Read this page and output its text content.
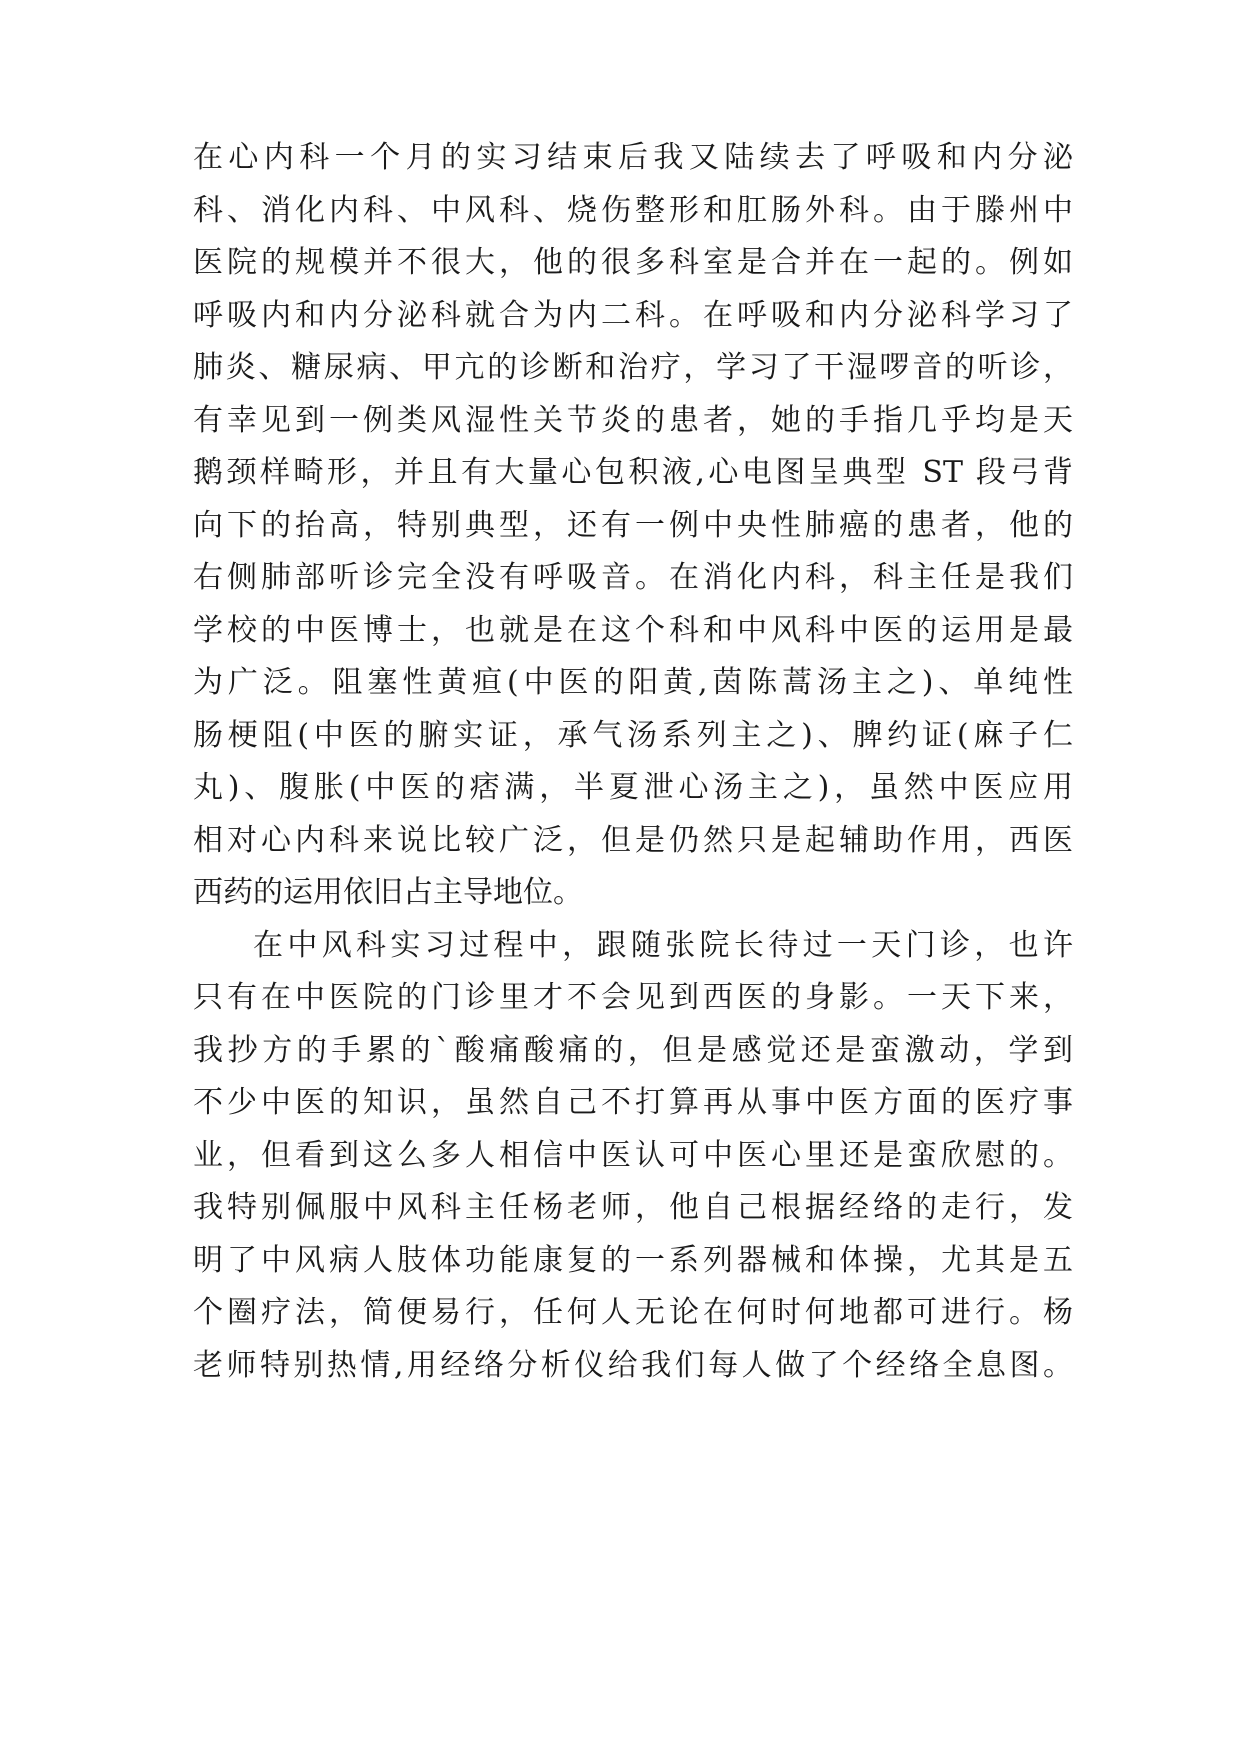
在心内科一个月的实习结束后我又陆续去了呼吸和内分泌
科、消化内科、中风科、烧伤整形和肛肠外科。由于滕州中
医院的规模并不很大，他的很多科室是合并在一起的。例如
呼吸内和内分泌科就合为内二科。在呼吸和内分泌科学习了
肺炎、糖尿病、甲亢的诊断和治疗，学习了干湿啰音的听诊，
有幸见到一例类风湿性关节炎的患者，她的手指几乎均是天
鹅颈样畸形，并且有大量心包积液,心电图呈典型 ST 段弓背
向下的抬高，特别典型，还有一例中央性肺癌的患者，他的
右侧肺部听诊完全没有呼吸音。在消化内科，科主任是我们
学校的中医博士，也就是在这个科和中风科中医的运用是最
为广泛。阻塞性黄疸(中医的阳黄,茵陈蒿汤主之)、单纯性
肠梗阻(中医的腑实证，承气汤系列主之)、脾约证(麻子仁
丸)、腹胀(中医的痞满，半夏泄心汤主之)，虽然中医应用
相对心内科来说比较广泛，但是仍然只是起辅助作用，西医
西药的运用依旧占主导地位。
在中风科实习过程中，跟随张院长待过一天门诊，也许
只有在中医院的门诊里才不会见到西医的身影。一天下来，
我抄方的手累的`酸痛酸痛的，但是感觉还是蛮激动，学到
不少中医的知识，虽然自己不打算再从事中医方面的医疗事
业，但看到这么多人相信中医认可中医心里还是蛮欣慰的。
我特别佩服中风科主任杨老师，他自己根据经络的走行，发
明了中风病人肢体功能康复的一系列器械和体操，尤其是五
个圈疗法，简便易行，任何人无论在何时何地都可进行。杨
老师特别热情,用经络分析仪给我们每人做了个经络全息图。
